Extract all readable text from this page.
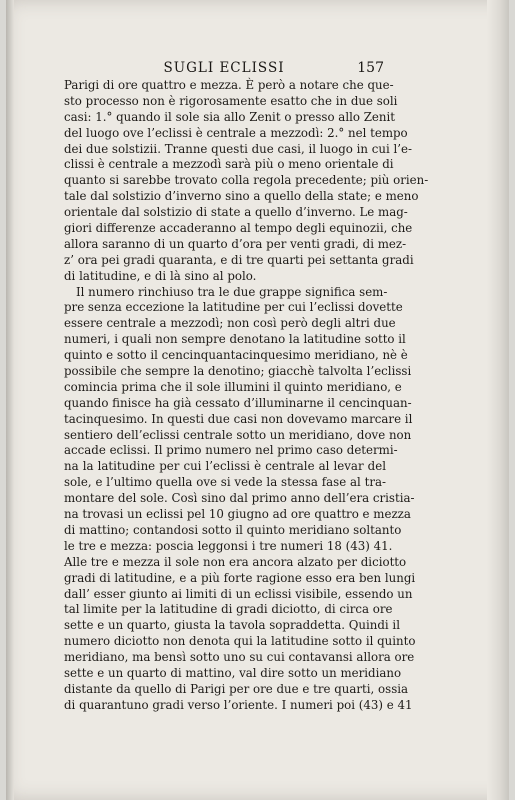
SUGLI ECLISSI	157
Parigi di ore quattro e mezza. È però a notare che que-
sto processo non è rigorosamente esatto che in due soli
casi: 1.° quando il sole sia allo Zenit o presso allo Zenit
del luogo ove l’eclissi è centrale a mezzodì: 2.° nel tempo
dei due solstizii. Tranne questi due casi, il luogo in cui l’e-
clissi è centrale a mezzodì sarà più o meno orientale di
quanto si sarebbe trovato colla regola precedente; più orien-
tale dal solstizio d’inverno sino a quello della state; e meno
orientale dal solstizio di state a quello d’inverno. Le mag-
giori differenze accaderanno al tempo degli equinozii, che
allora saranno di un quarto d’ora per venti gradi, di mez-
z’ ora pei gradi quaranta, e di tre quarti pei settanta gradi
di latitudine, e di là sino al polo.
Il numero rinchiuso tra le due grappe significa sem-
pre senza eccezione la latitudine per cui l’eclissi dovette
essere centrale a mezzodì; non così però degli altri due
numeri, i quali non sempre denotano la latitudine sotto il
quinto e sotto il cencinquantacinquesimo meridiano, nè è
possibile che sempre la denotino; giacchè talvolta l’eclissi
comincia prima che il sole illumini il quinto meridiano, e
quando finisce ha già cessato d’illuminarne il cencinquan-
tacinquesimo. In questi due casi non dovevamo marcare il
sentiero dell’eclissi centrale sotto un meridiano, dove non
accade eclissi. Il primo numero nel primo caso determi-
na la latitudine per cui l’eclissi è centrale al levar del
sole, e l’ultimo quella ove si vede la stessa fase al tra-
montare del sole. Così sino dal primo anno dell’era cristia-
na trovasi un eclissi pel 10 giugno ad ore quattro e mezza
di mattino; contandosi sotto il quinto meridiano soltanto
le tre e mezza: poscia leggonsi i tre numeri 18 (43) 41.
Alle tre e mezza il sole non era ancora alzato per diciotto
gradi di latitudine, e a più forte ragione esso era ben lungi
dall’ esser giunto ai limiti di un eclissi visibile, essendo un
tal limite per la latitudine di gradi diciotto, di circa ore
sette e un quarto, giusta la tavola sopraddetta. Quindi il
numero diciotto non denota qui la latitudine sotto il quinto
meridiano, ma bensì sotto uno su cui contavansi allora ore
sette e un quarto di mattino, val dire sotto un meridiano
distante da quello di Parigi per ore due e tre quarti, ossia
di quarantuno gradi verso l’oriente. I numeri poi (43) e 41
